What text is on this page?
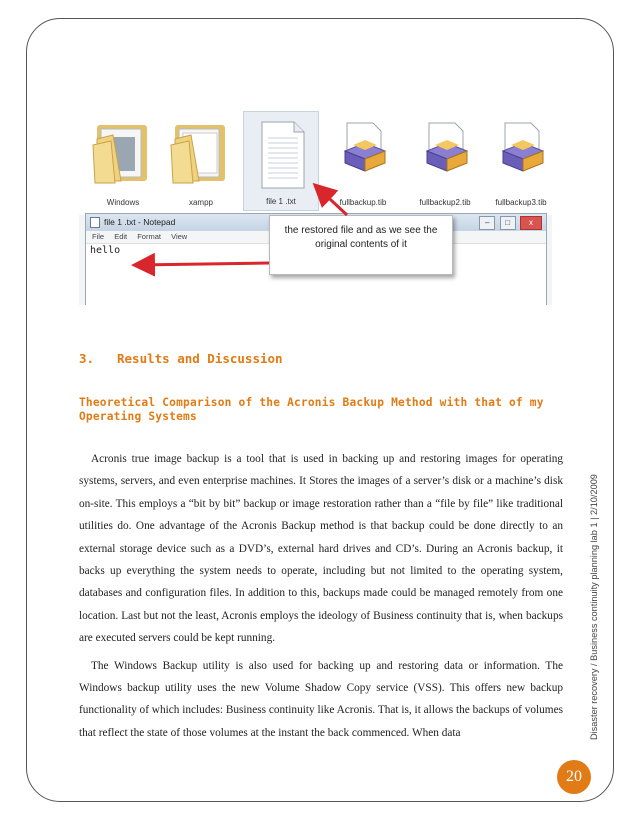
Windows	xampp	file 1 .txt	fullbackup.tib	fullbackup2.tib	fullbackup3.tib
file 1 .txt - Notepad	– □ x
File Edit Format View
hello
the restored file and as we see the original contents of it
3. Results and Discussion
Theoretical Comparison of the Acronis Backup Method with that of my Operating Systems

Acronis true image backup is a tool that is used in backing up and restoring images for operating systems, servers, and even enterprise machines. It Stores the images of a server’s disk or a machine’s disk on-site. This employs a “bit by bit” backup or image restoration rather than a “file by file” like traditional utilities do. One advantage of the Acronis Backup method is that backup could be done directly to an external storage device such as a DVD’s, external hard drives and CD’s. During an Acronis backup, it backs up everything the system needs to operate, including but not limited to the operating system, databases and configuration files. In addition to this, backups made could be managed remotely from one location. Last but not the least, Acronis employs the ideology of Business continuity that is, when backups are executed servers could be kept running.

The Windows Backup utility is also used for backing up and restoring data or information. The Windows backup utility uses the new Volume Shadow Copy service (VSS). This offers new backup functionality of which includes: Business continuity like Acronis. That is, it allows the backups of volumes that reflect the state of those volumes at the instant the back commenced. When data	Disaster recovery / Business continuity planning lab 1 | 2/10/2009
20
